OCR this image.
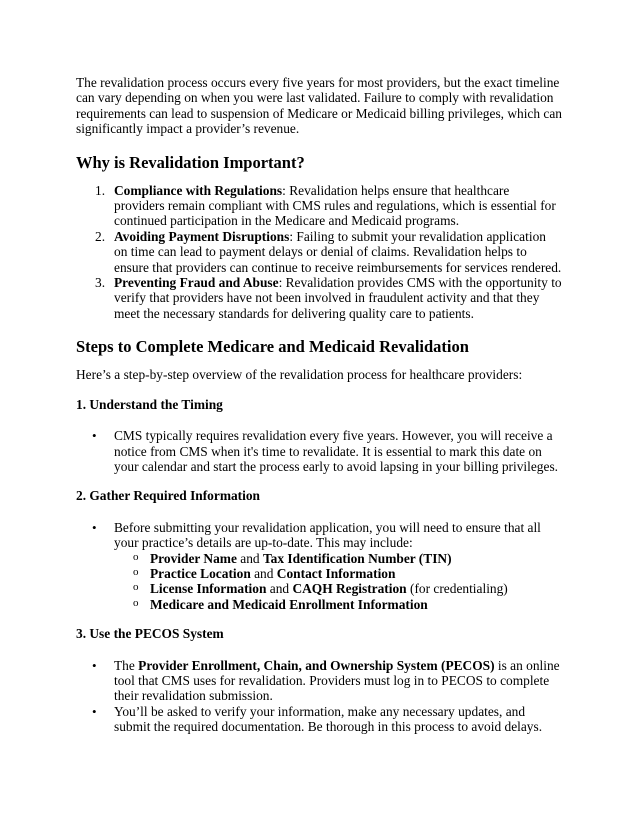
The revalidation process occurs every five years for most providers, but the exact timeline can vary depending on when you were last validated. Failure to comply with revalidation requirements can lead to suspension of Medicare or Medicaid billing privileges, which can significantly impact a provider’s revenue.

Why is Revalidation Important?
1. Compliance with Regulations: Revalidation helps ensure that healthcare providers remain compliant with CMS rules and regulations, which is essential for continued participation in the Medicare and Medicaid programs.
2. Avoiding Payment Disruptions: Failing to submit your revalidation application on time can lead to payment delays or denial of claims. Revalidation helps to ensure that providers can continue to receive reimbursements for services rendered.
3. Preventing Fraud and Abuse: Revalidation provides CMS with the opportunity to verify that providers have not been involved in fraudulent activity and that they meet the necessary standards for delivering quality care to patients.
Steps to Complete Medicare and Medicaid Revalidation

Here’s a step-by-step overview of the revalidation process for healthcare providers:

1. Understand the Timing
• CMS typically requires revalidation every five years. However, you will receive a notice from CMS when it's time to revalidate. It is essential to mark this date on your calendar and start the process early to avoid lapsing in your billing privileges.
2. Gather Required Information
• Before submitting your revalidation application, you will need to ensure that all your practice’s details are up-to-date. This may include:
o Provider Name and Tax Identification Number (TIN)
o Practice Location and Contact Information
o License Information and CAQH Registration (for credentialing)
o Medicare and Medicaid Enrollment Information
3. Use the PECOS System
• The Provider Enrollment, Chain, and Ownership System (PECOS) is an online tool that CMS uses for revalidation. Providers must log in to PECOS to complete their revalidation submission.
• You’ll be asked to verify your information, make any necessary updates, and submit the required documentation. Be thorough in this process to avoid delays.
